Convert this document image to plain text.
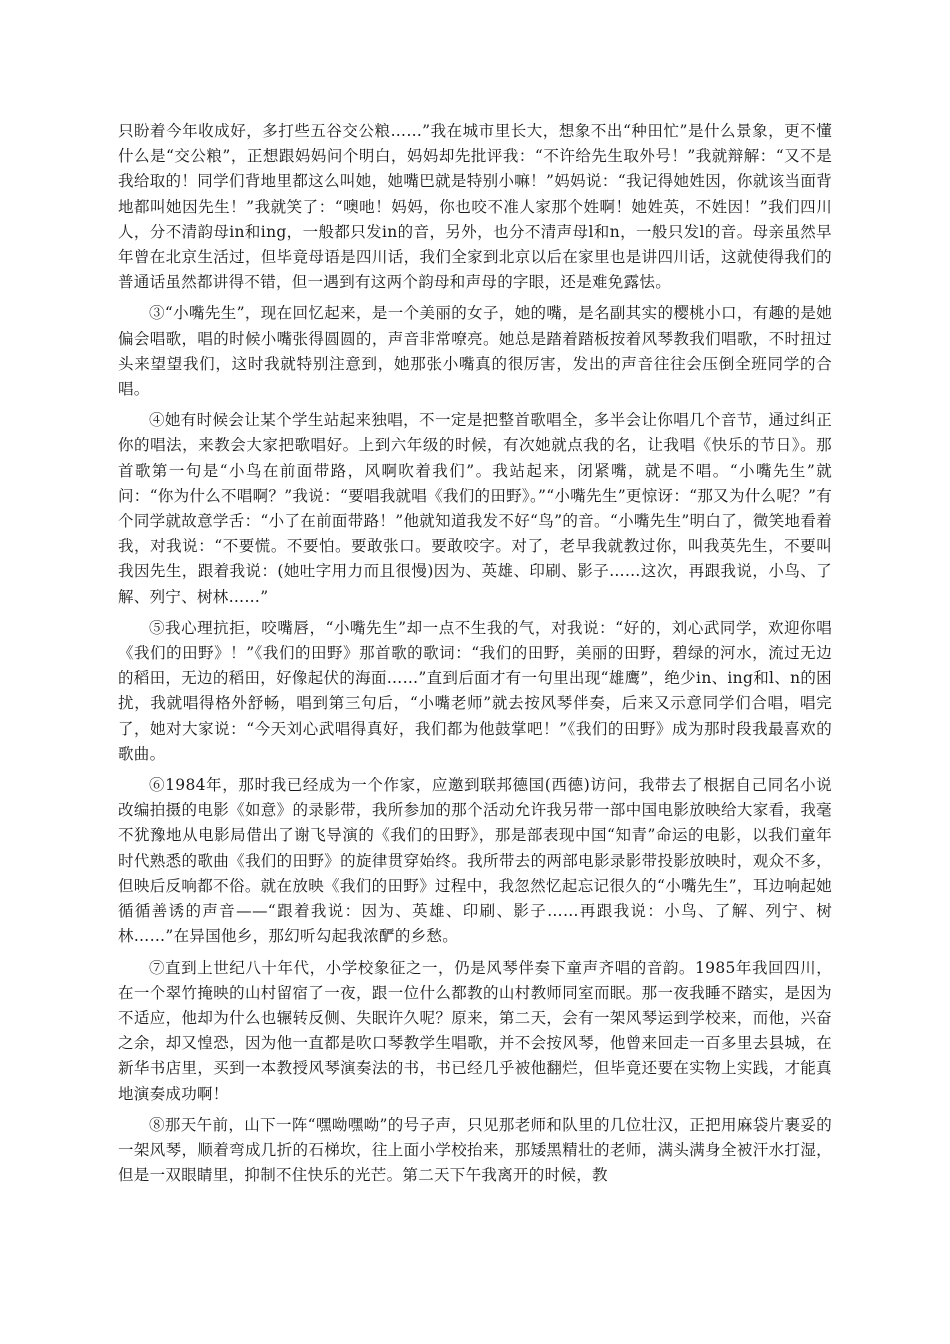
只盼着今年收成好，多打些五谷交公粮……”我在城市里长大，想象不出“种田忙”是什么景象，更不懂什么是“交公粮”，正想跟妈妈问个明白，妈妈却先批评我：“不许给先生取外号！”我就辩解：“又不是我给取的！同学们背地里都这么叫她，她嘴巴就是特别小嘛！”妈妈说：“我记得她姓因，你就该当面背地都叫她因先生！”我就笑了：“噢吔！妈妈，你也咬不准人家那个姓啊！她姓英，不姓因！”我们四川人，分不清韵母in和ing，一般都只发in的音，另外，也分不清声母l和n，一般只发l的音。母亲虽然早年曾在北京生活过，但毕竟母语是四川话，我们全家到北京以后在家里也是讲四川话，这就使得我们的普通话虽然都讲得不错，但一遇到有这两个韵母和声母的字眼，还是难免露怯。

③“小嘴先生”，现在回忆起来，是一个美丽的女子，她的嘴，是名副其实的樱桃小口，有趣的是她偏会唱歌，唱的时候小嘴张得圆圆的，声音非常嘹亮。她总是踏着踏板按着风琴教我们唱歌，不时扭过头来望望我们，这时我就特别注意到，她那张小嘴真的很厉害，发出的声音往往会压倒全班同学的合唱。

④她有时候会让某个学生站起来独唱，不一定是把整首歌唱全，多半会让你唱几个音节，通过纠正你的唱法，来教会大家把歌唱好。上到六年级的时候，有次她就点我的名，让我唱《快乐的节日》。那首歌第一句是“小鸟在前面带路，风啊吹着我们”。我站起来，闭紧嘴，就是不唱。“小嘴先生”就问：“你为什么不唱啊？”我说：“要唱我就唱《我们的田野》。”“小嘴先生”更惊讶：“那又为什么呢？”有个同学就故意学舌：“小了在前面带路！”他就知道我发不好“鸟”的音。“小嘴先生”明白了，微笑地看着我，对我说：“不要慌。不要怕。要敢张口。要敢咬字。对了，老早我就教过你，叫我英先生，不要叫我因先生，跟着我说：(她吐字用力而且很慢)因为、英雄、印刷、影子……这次，再跟我说，小鸟、了解、列宁、树林……”

⑤我心理抗拒，咬嘴唇，“小嘴先生”却一点不生我的气，对我说：“好的，刘心武同学，欢迎你唱《我们的田野》！”《我们的田野》那首歌的歌词：“我们的田野，美丽的田野，碧绿的河水，流过无边的稻田，无边的稻田，好像起伏的海面……”直到后面才有一句里出现“雄鹰”，绝少in、ing和l、n的困扰，我就唱得格外舒畅，唱到第三句后，“小嘴老师”就去按风琴伴奏，后来又示意同学们合唱，唱完了，她对大家说：“今天刘心武唱得真好，我们都为他鼓掌吧！”《我们的田野》成为那时段我最喜欢的歌曲。

⑥1984年，那时我已经成为一个作家，应邀到联邦德国(西德)访问，我带去了根据自己同名小说改编拍摄的电影《如意》的录影带，我所参加的那个活动允许我另带一部中国电影放映给大家看，我毫不犹豫地从电影局借出了谢飞导演的《我们的田野》，那是部表现中国“知青”命运的电影，以我们童年时代熟悉的歌曲《我们的田野》的旋律贯穿始终。我所带去的两部电影录影带投影放映时，观众不多，但映后反响都不俗。就在放映《我们的田野》过程中，我忽然忆起忘记很久的“小嘴先生”，耳边响起她循循善诱的声音——“跟着我说：因为、英雄、印刷、影子……再跟我说：小鸟、了解、列宁、树林……”在异国他乡，那幻听勾起我浓酽的乡愁。

⑦直到上世纪八十年代，小学校象征之一，仍是风琴伴奏下童声齐唱的音韵。1985年我回四川，在一个翠竹掩映的山村留宿了一夜，跟一位什么都教的山村教师同室而眠。那一夜我睡不踏实，是因为不适应，他却为什么也辗转反侧、失眠许久呢？原来，第二天，会有一架风琴运到学校来，而他，兴奋之余，却又惶恐，因为他一直都是吹口琴教学生唱歌，并不会按风琴，他曾来回走一百多里去县城，在新华书店里，买到一本教授风琴演奏法的书，书已经几乎被他翻烂，但毕竟还要在实物上实践，才能真地演奏成功啊！

⑧那天午前，山下一阵“嘿呦嘿呦”的号子声，只见那老师和队里的几位壮汉，正把用麻袋片裹妥的一架风琴，顺着弯成几折的石梯坎，往上面小学校抬来，那矮黑精壮的老师，满头满身全被汗水打湿，但是一双眼睛里，抑制不住快乐的光芒。第二天下午我离开的时候，教
